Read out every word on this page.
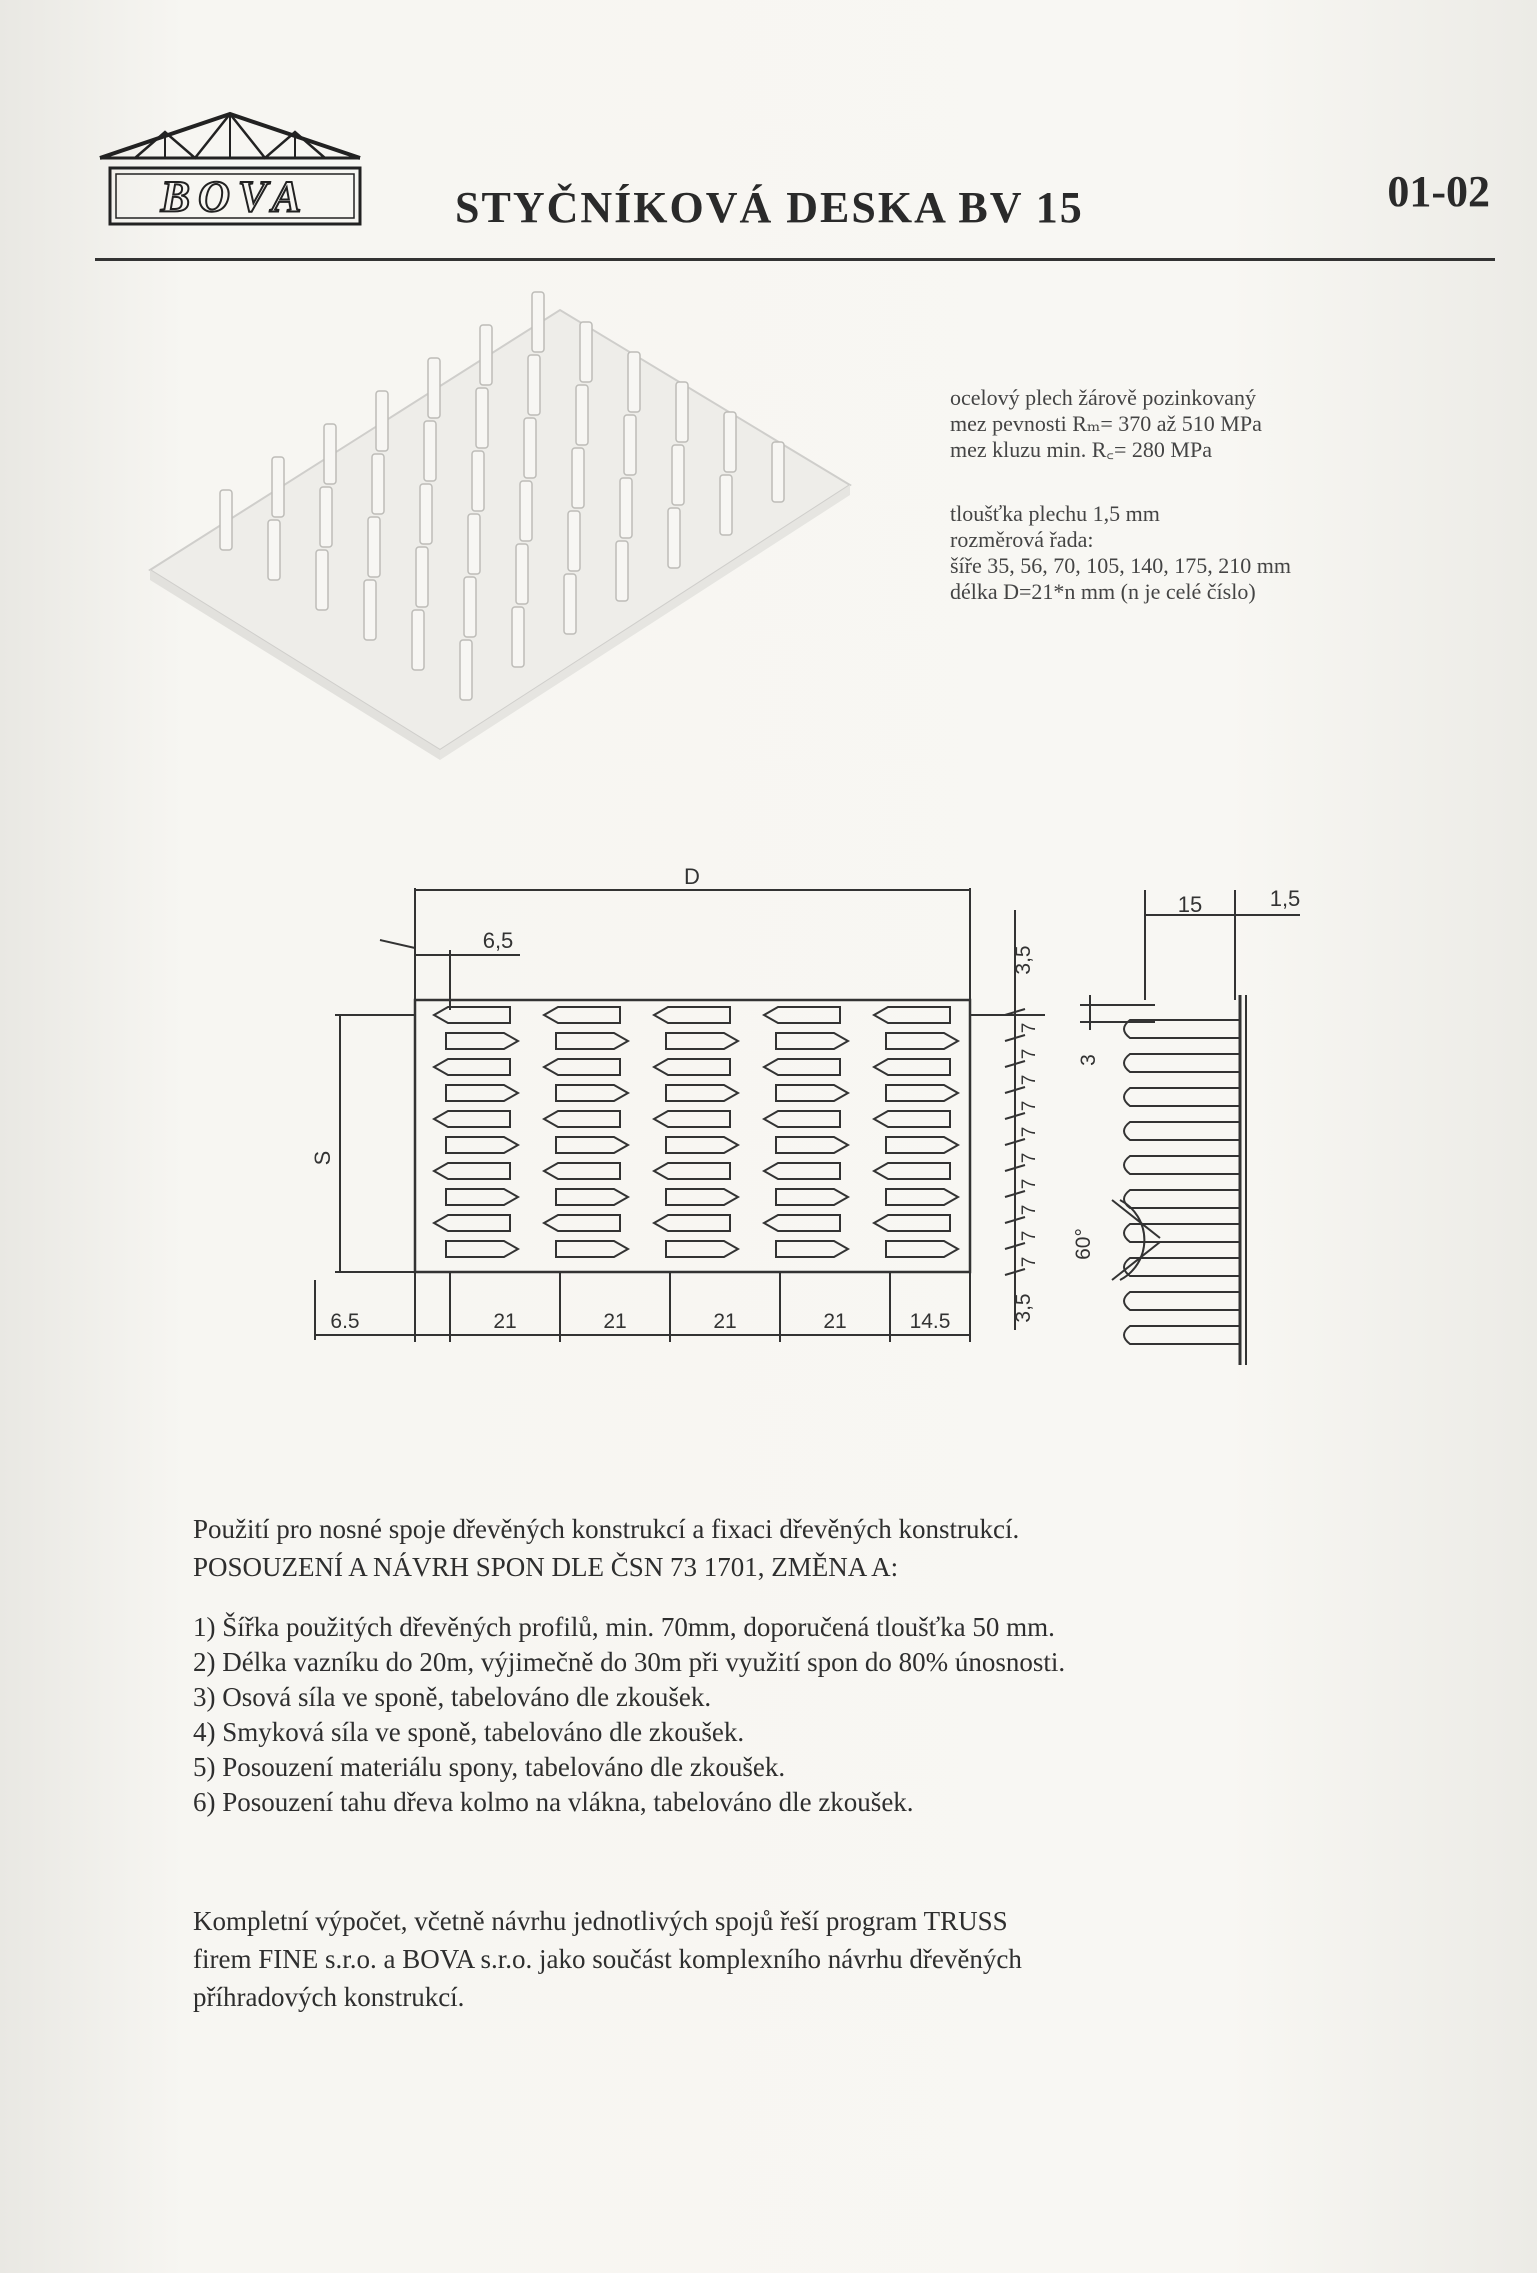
BOVA	STYČNÍKOVÁ DESKA BV 15	01-02
ocelový plech žárově pozinkovaný
mez pevnosti Rₘ= 370 až 510 MPa
mez kluzu min. R꜀= 280 MPa
tloušťka plechu 1,5 mm
rozměrová řada:
šíře 35, 56, 70, 105, 140, 175, 210 mm
délka D=21*n mm (n je celé číslo)
D
6,5
S
3,5
3,5
7
7
7
7
7
7
7
7
7
7
6.5	21	21	21	21	14.5
15	1,5
3
60°
Použití pro nosné spoje dřevěných konstrukcí a fixaci dřevěných konstrukcí.
POSOUZENÍ A NÁVRH SPON DLE ČSN 73 1701, ZMĚNA A:
1) Šířka použitých dřevěných profilů, min. 70mm, doporučená tloušťka 50 mm.
2) Délka vazníku do 20m, výjimečně do 30m při využití spon do 80% únosnosti.
3) Osová síla ve sponě, tabelováno dle zkoušek.
4) Smyková síla ve sponě, tabelováno dle zkoušek.
5) Posouzení materiálu spony, tabelováno dle zkoušek.
6) Posouzení tahu dřeva kolmo na vlákna, tabelováno dle zkoušek.
Kompletní výpočet, včetně návrhu jednotlivých spojů řeší program TRUSS
firem FINE s.r.o. a BOVA s.r.o. jako součást komplexního návrhu dřevěných
příhradových konstrukcí.
